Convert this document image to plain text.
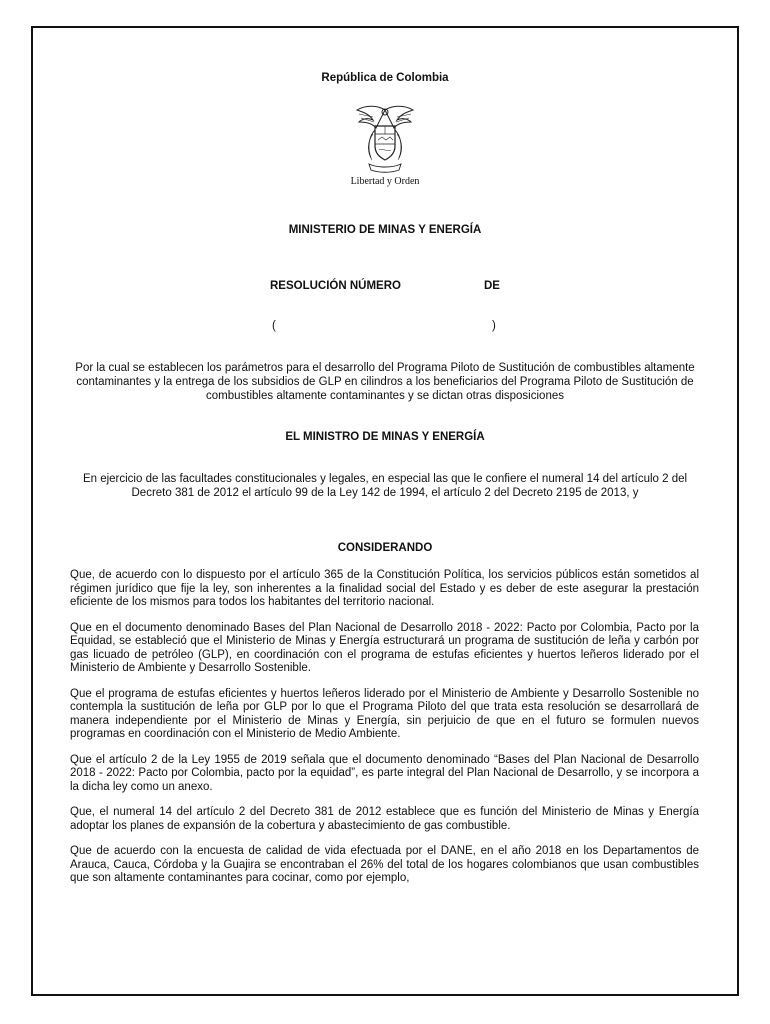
República de Colombia
Libertad y Orden
MINISTERIO DE MINAS Y ENERGÍA
RESOLUCIÓN NÚMERO	DE
(	)
Por la cual se establecen los parámetros para el desarrollo del Programa Piloto de Sustitución de combustibles altamente contaminantes y la entrega de los subsidios de GLP en cilindros a los beneficiarios del Programa Piloto de Sustitución de combustibles altamente contaminantes y se dictan otras disposiciones
EL MINISTRO DE MINAS Y ENERGÍA
En ejercicio de las facultades constitucionales y legales, en especial las que le confiere el numeral 14 del artículo 2 del Decreto 381 de 2012 el artículo 99 de la Ley 142 de 1994, el artículo 2 del Decreto 2195 de 2013, y
CONSIDERANDO

Que, de acuerdo con lo dispuesto por el artículo 365 de la Constitución Política, los servicios públicos están sometidos al régimen jurídico que fije la ley, son inherentes a la finalidad social del Estado y es deber de este asegurar la prestación eficiente de los mismos para todos los habitantes del territorio nacional.

Que en el documento denominado Bases del Plan Nacional de Desarrollo 2018 - 2022: Pacto por Colombia, Pacto por la Equidad, se estableció que el Ministerio de Minas y Energía estructurará un programa de sustitución de leña y carbón por gas licuado de petróleo (GLP), en coordinación con el programa de estufas eficientes y huertos leñeros liderado por el Ministerio de Ambiente y Desarrollo Sostenible.

Que el programa de estufas eficientes y huertos leñeros liderado por el Ministerio de Ambiente y Desarrollo Sostenible no contempla la sustitución de leña por GLP por lo que el Programa Piloto del que trata esta resolución se desarrollará de manera independiente por el Ministerio de Minas y Energía, sin perjuicio de que en el futuro se formulen nuevos programas en coordinación con el Ministerio de Medio Ambiente.

Que el artículo 2 de la Ley 1955 de 2019 señala que el documento denominado “Bases del Plan Nacional de Desarrollo 2018 - 2022: Pacto por Colombia, pacto por la equidad”, es parte integral del Plan Nacional de Desarrollo, y se incorpora a la dicha ley como un anexo.

Que, el numeral 14 del artículo 2 del Decreto 381 de 2012 establece que es función del Ministerio de Minas y Energía adoptar los planes de expansión de la cobertura y abastecimiento de gas combustible.

Que de acuerdo con la encuesta de calidad de vida efectuada por el DANE, en el año 2018 en los Departamentos de Arauca, Cauca, Córdoba y la Guajira se encontraban el 26% del total de los hogares colombianos que usan combustibles que son altamente contaminantes para cocinar, como por ejemplo,
